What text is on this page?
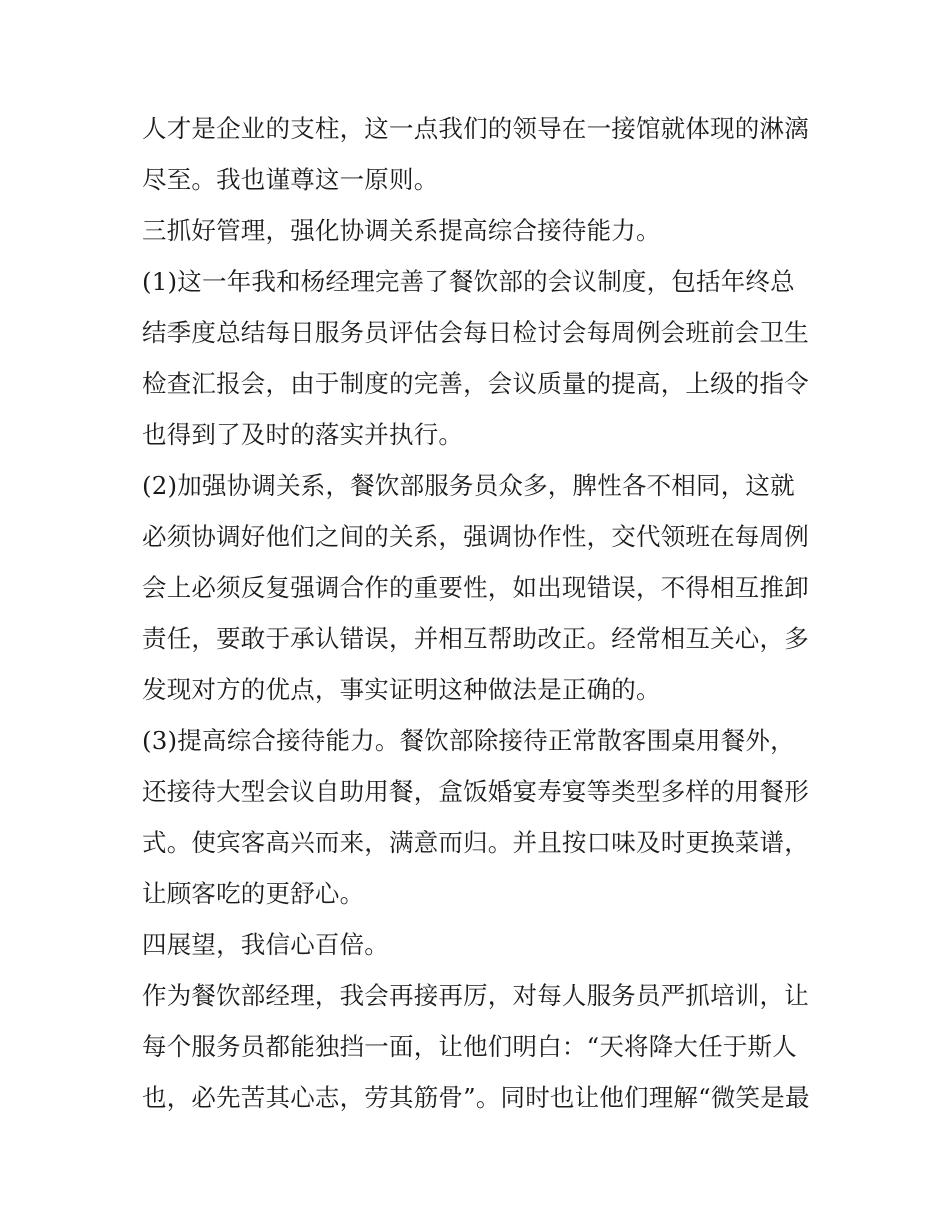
人才是企业的支柱，这一点我们的领导在一接馆就体现的淋漓
尽至。我也谨尊这一原则。
三抓好管理，强化协调关系提高综合接待能力。
(1)这一年我和杨经理完善了餐饮部的会议制度，包括年终总
结季度总结每日服务员评估会每日检讨会每周例会班前会卫生
检查汇报会，由于制度的完善，会议质量的提高，上级的指令
也得到了及时的落实并执行。
(2)加强协调关系，餐饮部服务员众多，脾性各不相同，这就
必须协调好他们之间的关系，强调协作性，交代领班在每周例
会上必须反复强调合作的重要性，如出现错误，不得相互推卸
责任，要敢于承认错误，并相互帮助改正。经常相互关心，多
发现对方的优点，事实证明这种做法是正确的。
(3)提高综合接待能力。餐饮部除接待正常散客围桌用餐外，
还接待大型会议自助用餐，盒饭婚宴寿宴等类型多样的用餐形
式。使宾客高兴而来，满意而归。并且按口味及时更换菜谱，
让顾客吃的更舒心。
四展望，我信心百倍。
作为餐饮部经理，我会再接再厉，对每人服务员严抓培训，让
每个服务员都能独挡一面，让他们明白：“天将降大任于斯人
也，必先苦其心志，劳其筋骨”。同时也让他们理解“微笑是最
